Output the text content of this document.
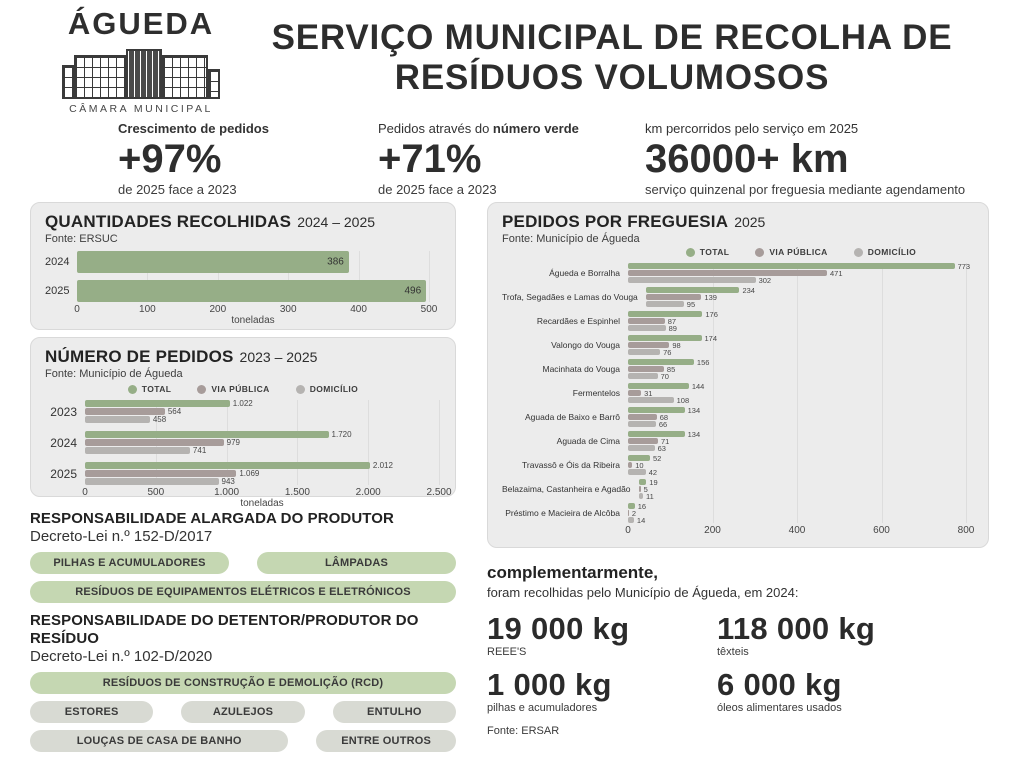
ÁGUEDA
CÂMARA MUNICIPAL
SERVIÇO MUNICIPAL DE RECOLHA DE
RESÍDUOS VOLUMOSOS
Crescimento de pedidos
+97%
de 2025 face a 2023
Pedidos através do número verde
+71%
de 2025 face a 2023
km percorridos pelo serviço em 2025
36000+ km
serviço quinzenal por freguesia mediante agendamento
QUANTIDADES RECOLHIDAS 2024 – 2025
Fonte: ERSUC
2024	386
2025	496
0	100	200	300	400	500
toneladas
NÚMERO DE PEDIDOS 2023 – 2025
Fonte: Município de Águeda
TOTAL	VIA PÚBLICA	DOMICÍLIO
2023
1.022
564
458
2024
1.720
979
741
2025
2.012
1.069
943
0	500	1.000	1.500	2.000	2.500
toneladas
RESPONSABILIDADE ALARGADA DO PRODUTOR
Decreto-Lei n.º 152-D/2017
PILHAS E ACUMULADORES	LÂMPADAS
RESÍDUOS DE EQUIPAMENTOS ELÉTRICOS E ELETRÓNICOS
RESPONSABILIDADE DO DETENTOR/PRODUTOR DO RESÍDUO
Decreto-Lei n.º 102-D/2020
RESÍDUOS DE CONSTRUÇÃO E DEMOLIÇÃO (RCD)
ESTORES	AZULEJOS	ENTULHO
LOUÇAS DE CASA DE BANHO	ENTRE OUTROS
PEDIDOS POR FREGUESIA 2025
Fonte: Município de Águeda
TOTAL	VIA PÚBLICA	DOMICÍLIO
Águeda e Borralha
773
471
302
Trofa, Segadães e Lamas do Vouga
234
139
95
Recardães e Espinhel
176
87
89
Valongo do Vouga
174
98
76
Macinhata do Vouga
156
85
70
Fermentelos
144
31
108
Aguada de Baixo e Barrô
134
68
66
Aguada de Cima
134
71
63
Travassô e Óis da Ribeira
52
10
42
Belazaima, Castanheira e Agadão
19
5
11
Préstimo e Macieira de Alcôba
16
2
14
0	200	400	600	800
complementarmente,
foram recolhidas pelo Município de Águeda, em 2024:
19 000 kg
REEE'S
118 000 kg
têxteis
1 000 kg
pilhas e acumuladores
6 000 kg
óleos alimentares usados
Fonte: ERSAR
